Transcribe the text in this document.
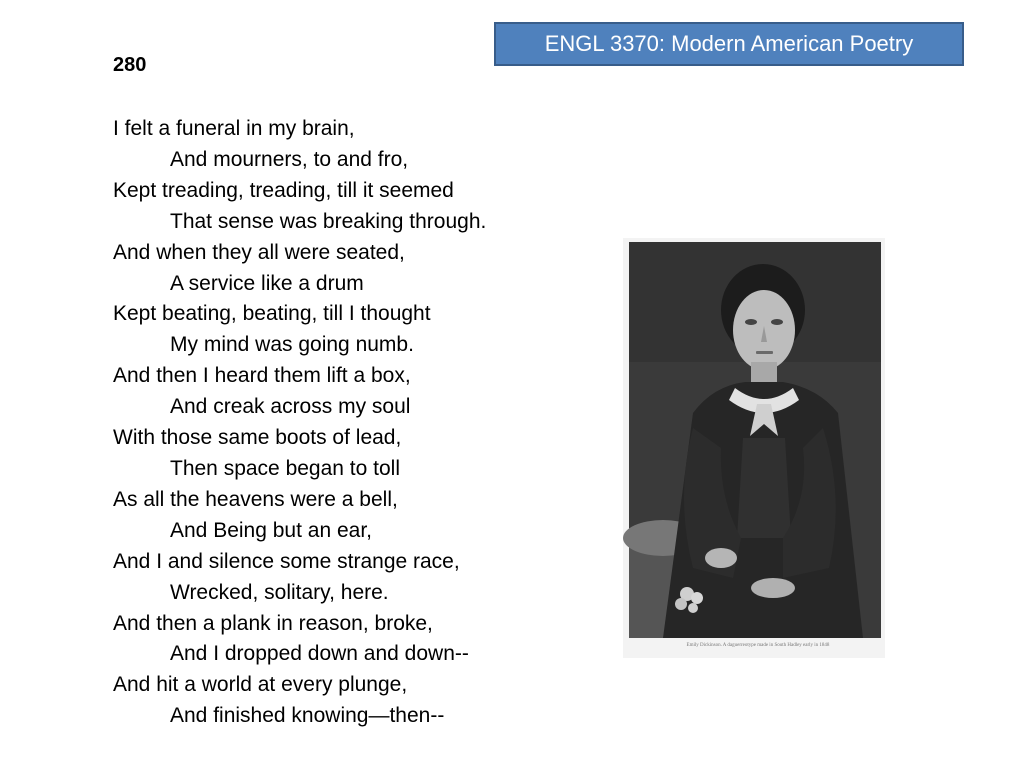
ENGL 3370: Modern American Poetry
280
I felt a funeral in my brain,
And mourners, to and fro,
Kept treading, treading, till it seemed
That sense was breaking through.
And when they all were seated,
A service like a drum
Kept beating, beating, till I thought
My mind was going numb.
And then I heard them lift a box,
And creak across my soul
With those same boots of lead,
Then space began to toll
As all the heavens were a bell,
And Being but an ear,
And I and silence some strange race,
Wrecked, solitary, here.
And then a plank in reason, broke,
And I dropped down and down--
And hit a world at every plunge,
And finished knowing—then--
Emily Dickinson. A daguerreotype made in South Hadley early in 1848
